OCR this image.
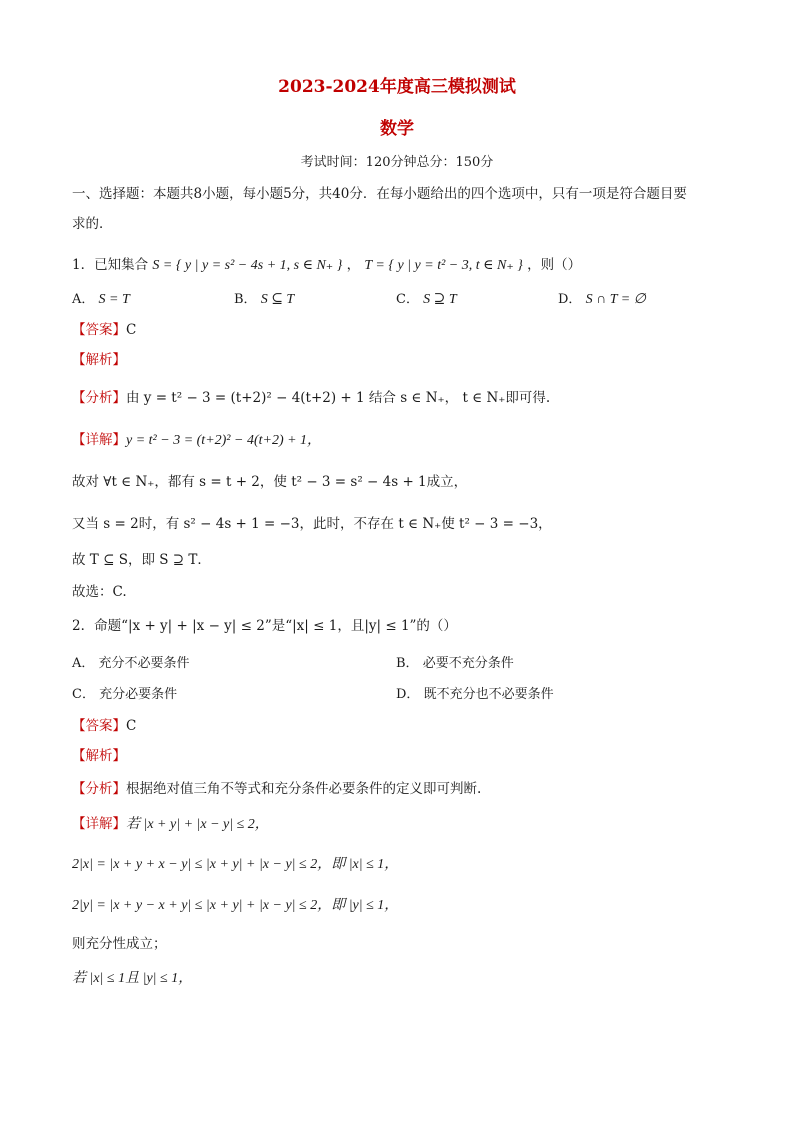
2023-2024年度高三模拟测试
数学
考试时间：120分钟总分：150分
一、选择题：本题共8小题，每小题5分，共40分．在每小题给出的四个选项中，只有一项是符合题目要
求的．
1．已知集合 S = { y | y = s² − 4s + 1, s ∈ N₊ } ， T = { y | y = t² − 3, t ∈ N₊ } ，则（）
A． S = T	B． S ⊆ T	C． S ⊇ T	D． S ∩ T = ∅
【答案】C
【解析】
【分析】由 y = t² − 3 = (t+2)² − 4(t+2) + 1 结合 s ∈ N₊， t ∈ N₊即可得.
【详解】y = t² − 3 = (t+2)² − 4(t+2) + 1，
故对 ∀t ∈ N₊，都有 s = t + 2，使 t² − 3 = s² − 4s + 1成立，
又当 s = 2时，有 s² − 4s + 1 = −3，此时，不存在 t ∈ N₊使 t² − 3 = −3，
故 T ⊆ S，即 S ⊇ T．
故选：C.
2．命题“|x + y| + |x − y| ≤ 2”是“|x| ≤ 1，且|y| ≤ 1”的（）
A． 充分不必要条件	B． 必要不充分条件
C． 充分必要条件	D． 既不充分也不必要条件
【答案】C
【解析】
【分析】根据绝对值三角不等式和充分条件必要条件的定义即可判断.
【详解】若 |x + y| + |x − y| ≤ 2，
2|x| = |x + y + x − y| ≤ |x + y| + |x − y| ≤ 2，即 |x| ≤ 1，
2|y| = |x + y − x + y| ≤ |x + y| + |x − y| ≤ 2，即 |y| ≤ 1，
则充分性成立；
若 |x| ≤ 1且 |y| ≤ 1，
